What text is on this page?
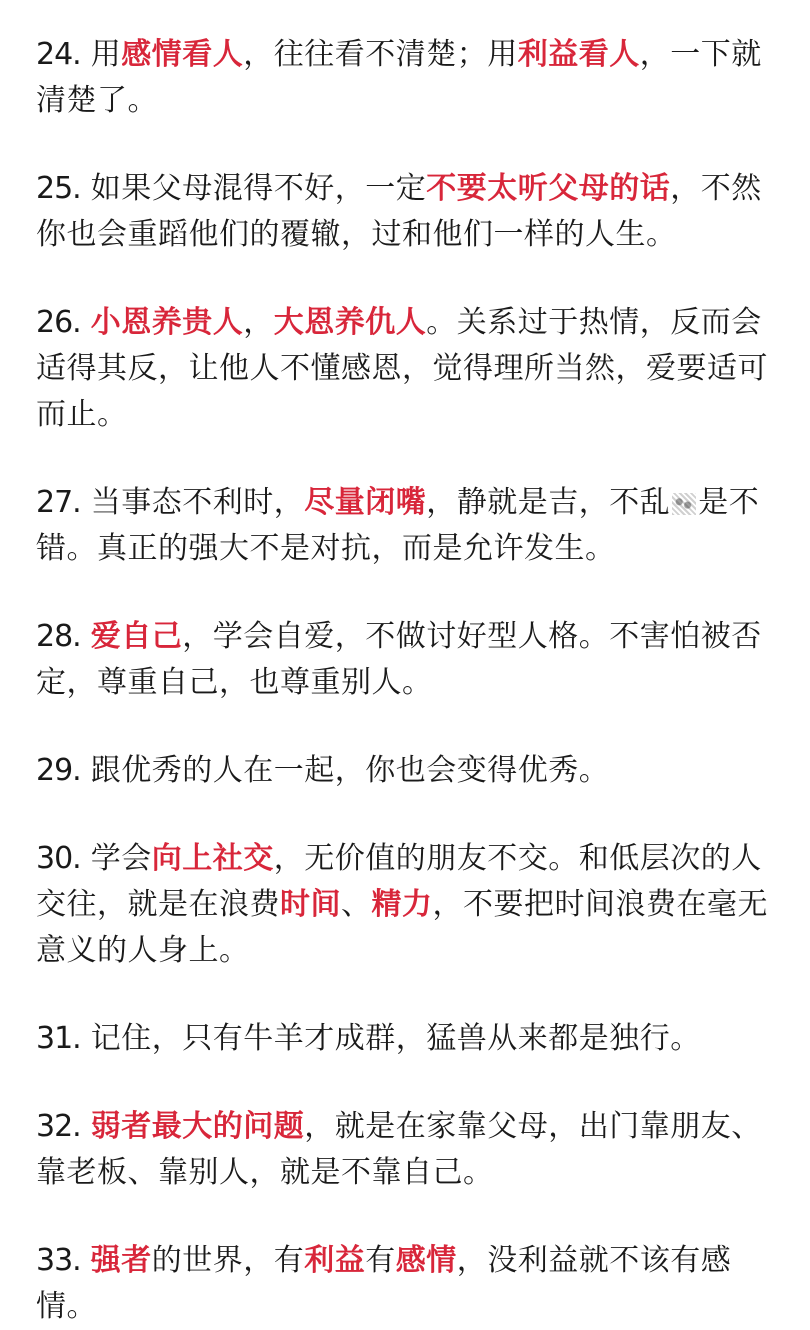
24. 用感情看人，往往看不清楚；用利益看人，一下就清楚了。

25. 如果父母混得不好，一定不要太听父母的话，不然你也会重蹈他们的覆辙，过和他们一样的人生。

26. 小恩养贵人，大恩养仇人。关系过于热情，反而会适得其反，让他人不懂感恩，觉得理所当然，爱要适可而止。

27. 当事态不利时，尽量闭嘴，静就是吉，不乱 是不错。真正的强大不是对抗，而是允许发生。

28. 爱自己，学会自爱，不做讨好型人格。不害怕被否定，尊重自己，也尊重别人。

29. 跟优秀的人在一起，你也会变得优秀。

30. 学会向上社交，无价值的朋友不交。和低层次的人交往，就是在浪费时间、精力，不要把时间浪费在毫无意义的人身上。

31. 记住，只有牛羊才成群，猛兽从来都是独行。

32. 弱者最大的问题，就是在家靠父母，出门靠朋友、靠老板、靠别人，就是不靠自己。

33. 强者的世界，有利益有感情，没利益就不该有感情。
